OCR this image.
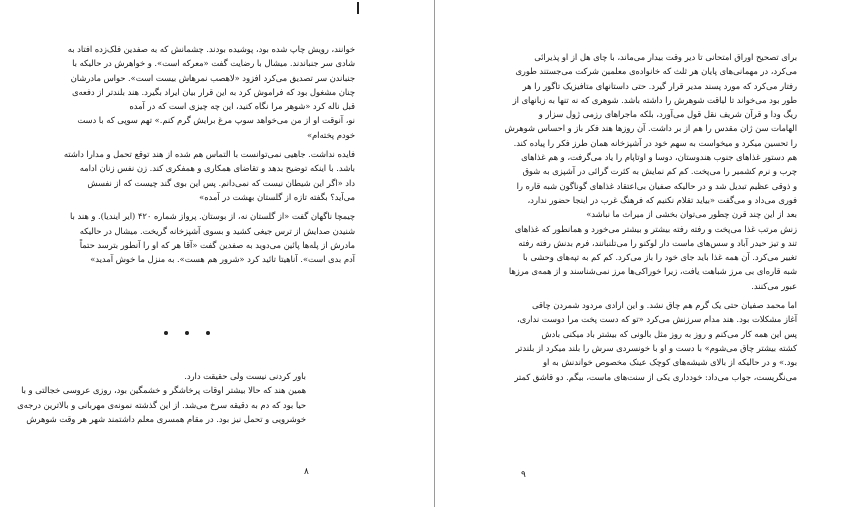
خوانند، رویش چاپ شده بود، پوشیده بودند. چشمانش که به صفدین فلک‌زده افتاد به
شادی سر جنباندند. میشال با رضایت گفت «معرکه است». و خواهرش در حالیکه با
جنباندن سر تصدیق می‌کرد افزود «لاهصب نمرهاش بیست است». حواس مادرشان
چنان مشغول بود که فراموش کرد به این قرار بیان ایراد بگیرد. هند بلندتر از دفعه‌ی
قبل ناله کرد «شوهر مرا نگاه کنید، این چه چیزی است که در آمده
نو، آنوقت او از من می‌خواهد سوپ مرغ برایش گرم کنم.» تهم سوپی که با دست
خودم پخته‌ام»

فایده نداشت. جاهیی نمی‌توانست با التماس هم شده از هند توقع تحمل و مدارا داشته
باشد. با اینکه توضیح بدهد و تقاضای همکاری و همفکری کند. زن نفس زنان ادامه
داد «اگر این شیطان نیست که نمی‌دانم. پس این بوی گند چیست که از نفسش
می‌آید؟ بگفته تازه از گلستان بهشت در آمده»

چیمچا ناگهان گفت «از گلستان نه، از بوستان. پرواز شماره ۴۲۰ (ایر اینديا). و هند با
شنیدن صدایش از ترس جیغی کشید و بسوی آشپزخانه گریخت. میشال در حالیکه
مادرش از پله‌ها پائین می‌دوید به صفدین گفت «آقا هر که او را آنطور بترسد حتماً
آدم بدی است». آناهیتا تائید کرد «شرور هم هست». به منزل ما خوش آمدید»

باور کردنی نیست ولی حقیقت دارد.
همین هند که حالا بیشتر اوقات پرخاشگر و خشمگین بود، روزی عروسی خجالتی و با
حیا بود که دم به دقیقه سرخ می‌شد. از این گذشته نمونه‌ی مهربانی و بالاترین درجه‌ی
خوشرویی و تحمل نیز بود. در مقام همسری معلم داشتمند شهر هر وقت شوهرش
۸

برای تصحیح اوراق امتحانی تا دیر وقت بیدار می‌ماند، با چای هل از او پذیرائی
می‌کرد، در مهمانی‌های پایان هر ثلث که خانواده‌ی معلمین شرکت می‌جستند طوری
رفتار می‌کرد که مورد پسند مدیر قرار گیرد. حتی داستانهای متافیزیک تاگور را هر
طور بود می‌خواند تا لیاقت شوهرش را داشته باشد. شوهری که نه تنها به زبانهای از
ریگ ودا و قرآن شریف نقل قول می‌آورد، بلکه ماجراهای رزمی ژول سزار و
الهامات سن ژان مقدس را هم از بر داشت. آن روزها هند فکر باز و احساس شوهرش
را تحسین میکرد و میخواست به سهم خود در آشپزخانه همان طرز فکر را پیاده کند.

هم دستور غذاهای جنوب هندوستان، دوسا و اوتاپام را یاد می‌گرفت، و هم غذاهای
چرب و نرم کشمیر را می‌پخت. کم کم نمایش به کثرت گرائی در آشپزی به شوق
و ذوقی عظیم تبدیل شد و در حالیکه صفیان بی‌اعتقاد غذاهای گوناگون شبه قاره را
فوری می‌داد و می‌گفت «بیاید تقلام نکنیم که فرهنگ غرب در اینجا حضور ندارد،
بعد از این چند قرن چطور می‌توان بخشی از میراث ما نباشد»

زنش مرتب غذا می‌پخت و رفته رفته بیشتر و بیشتر می‌خورد و همانطور که غذاهای
تند و تیز حیدر آباد و سس‌های ماست دار لوکنو را می‌تلنبانند، فرم بدنش رفته رفته
تغییر می‌کرد. آن همه غذا باید جای خود را باز می‌کرد. کم کم به تپه‌های وحشی با
شبه قاره‌ای بی مرز شباهت یافت، زیرا خوراکی‌ها مرز نمی‌شناسند و از همه‌ی مرزها
عبور می‌کنند.

اما محمد صفیان حتی یک گرم هم چاق نشد. و این ارادی مردود شمردن چاقی
آغاز مشکلات بود. هند مدام سرزنش می‌کرد «تو که دست پخت مرا دوست نداری،
پس این همه کار می‌کنم و روز به روز مثل بالونی که بیشتر باد میکنی بادش
کشته بیشتر چاق می‌شوم» با دست و او با خونسردی سرش را بلند میکرد از بلندتر
بود.» و در حالیکه از بالای شیشه‌های کوچک عینک مخصوص خواندنش به او
می‌نگریست، جواب می‌داد: خودداری یکی از سنت‌های ماست، بیگم. دو قاشق کمتر

۹
